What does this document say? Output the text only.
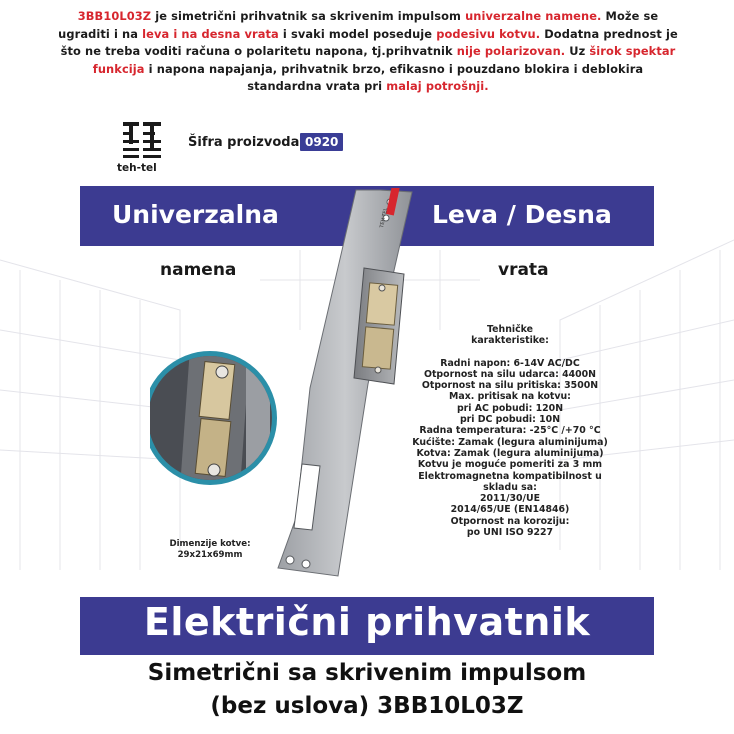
3BB10L03Z je simetrični prihvatnik sa skrivenim impulsom univerzalne namene. Može se ugraditi i na leva i na desna vrata i svaki model poseduje podesivu kotvu. Dodatna prednost je što ne treba voditi računa o polaritetu napona, tj.prihvatnik nije polarizovan. Uz širok spektar funkcija i napona napajanja, prihvatnik brzo, efikasno i pouzdano blokira i deblokira standardna vrata pri malaj potrošnji.
teh-tel
Šifra proizvoda 0920
Univerzalna	Leva / Desna
namena	vrata
TEH-TEL
Tehničke
karakteristike:
Radni napon: 6-14V AC/DC
Otpornost na silu udarca: 4400N
Otpornost na silu pritiska: 3500N
Max. pritisak na kotvu:
pri AC pobudi: 120N
pri DC pobudi: 10N
Radna temperatura: -25°C /+70 °C
Kućište: Zamak (legura aluminijuma)
Kotva: Zamak (legura aluminijuma)
Kotvu je moguće pomeriti za 3 mm
Elektromagnetna kompatibilnost u
skladu sa:
2011/30/UE
2014/65/UE (EN14846)
Otpornost na koroziju:
po UNI ISO 9227
Dimenzije kotve:
29x21x69mm
Električni prihvatnik
Simetrični sa skrivenim impulsom
(bez uslova) 3BB10L03Z
